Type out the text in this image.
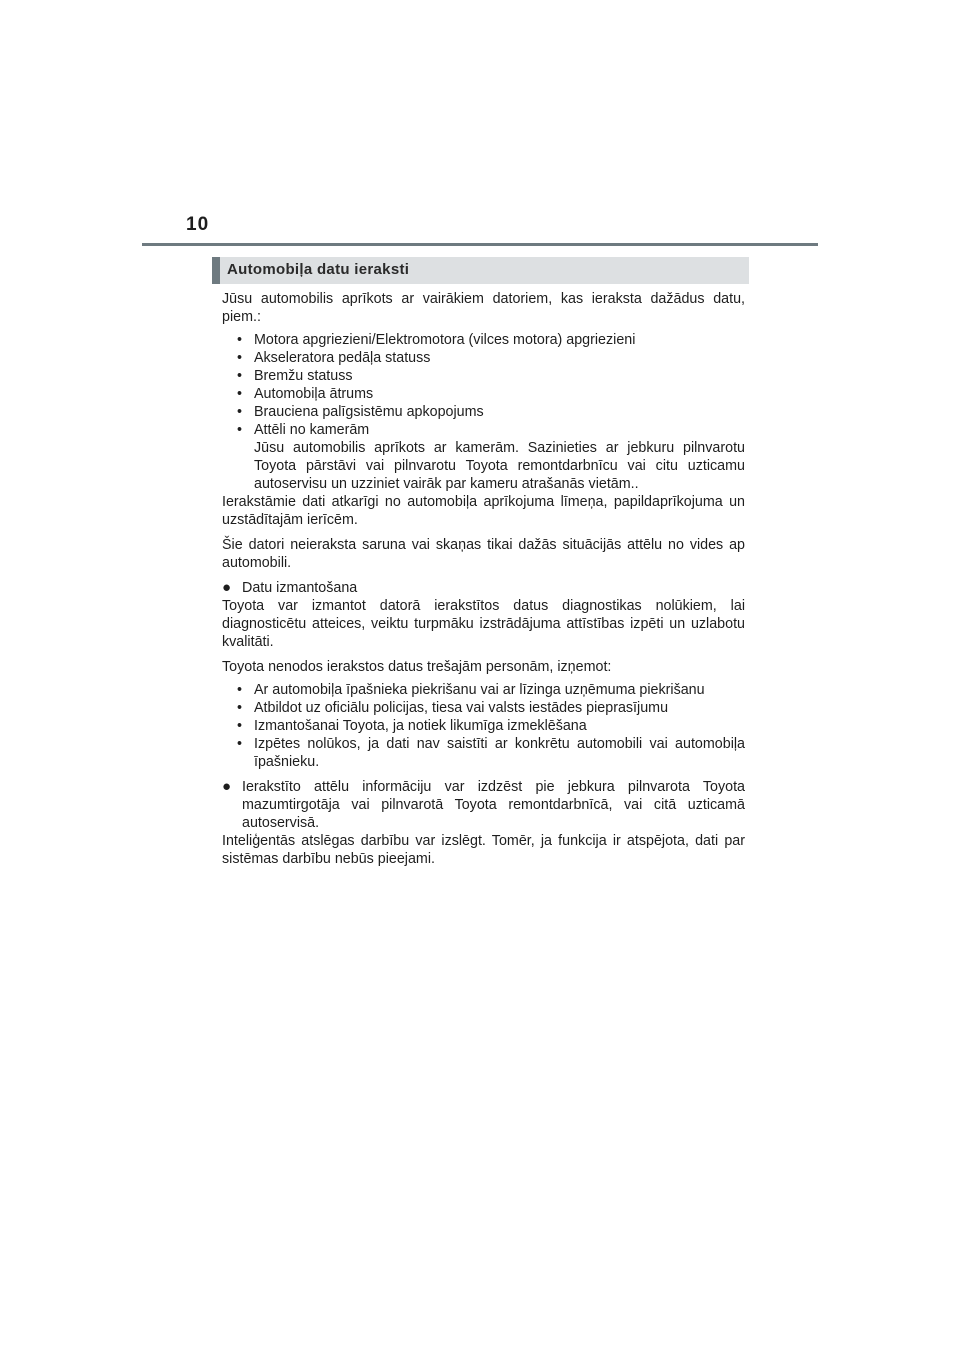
10
Automobiļa datu ieraksti

Jūsu automobilis aprīkots ar vairākiem datoriem, kas ieraksta dažādus datu, piem.:

• Motora apgriezieni/Elektromotora (vilces motora) apgriezieni
• Akseleratora pedāļa statuss
• Bremžu statuss
• Automobiļa ātrums
• Brauciena palīgsistēmu apkopojums
• Attēli no kamerām
Jūsu automobilis aprīkots ar kamerām. Sazinieties ar jebkuru pilnvarotu Toyota pārstāvi vai pilnvarotu Toyota remontdarbnīcu vai citu uzticamu autoservisu un uzziniet vairāk par kameru atrašanās vietām..

Ierakstāmie dati atkarīgi no automobiļa aprīkojuma līmeņa, papildaprīkojuma un uzstādītajām ierīcēm.

Šie datori neieraksta saruna vai skaņas tikai dažās situācijās attēlu no vides ap automobili.

● Datu izmantošana

Toyota var izmantot datorā ierakstītos datus diagnostikas nolūkiem, lai diagnosticētu atteices, veiktu turpmāku izstrādājuma attīstības izpēti un uzlabotu kvalitāti.

Toyota nenodos ierakstos datus trešajām personām, izņemot:

• Ar automobiļa īpašnieka piekrišanu vai ar līzinga uzņēmuma piekrišanu
• Atbildot uz oficiālu policijas, tiesa vai valsts iestādes pieprasījumu
• Izmantošanai Toyota, ja notiek likumīga izmeklēšana
• Izpētes nolūkos, ja dati nav saistīti ar konkrētu automobili vai automobiļa īpašnieku.
● Ierakstīto attēlu informāciju var izdzēst pie jebkura pilnvarota Toyota mazumtirgotāja vai pilnvarotā Toyota remontdarbnīcā, vai citā uzticamā autoservisā.

Inteliģentās atslēgas darbību var izslēgt. Tomēr, ja funkcija ir atspējota, dati par sistēmas darbību nebūs pieejami.
